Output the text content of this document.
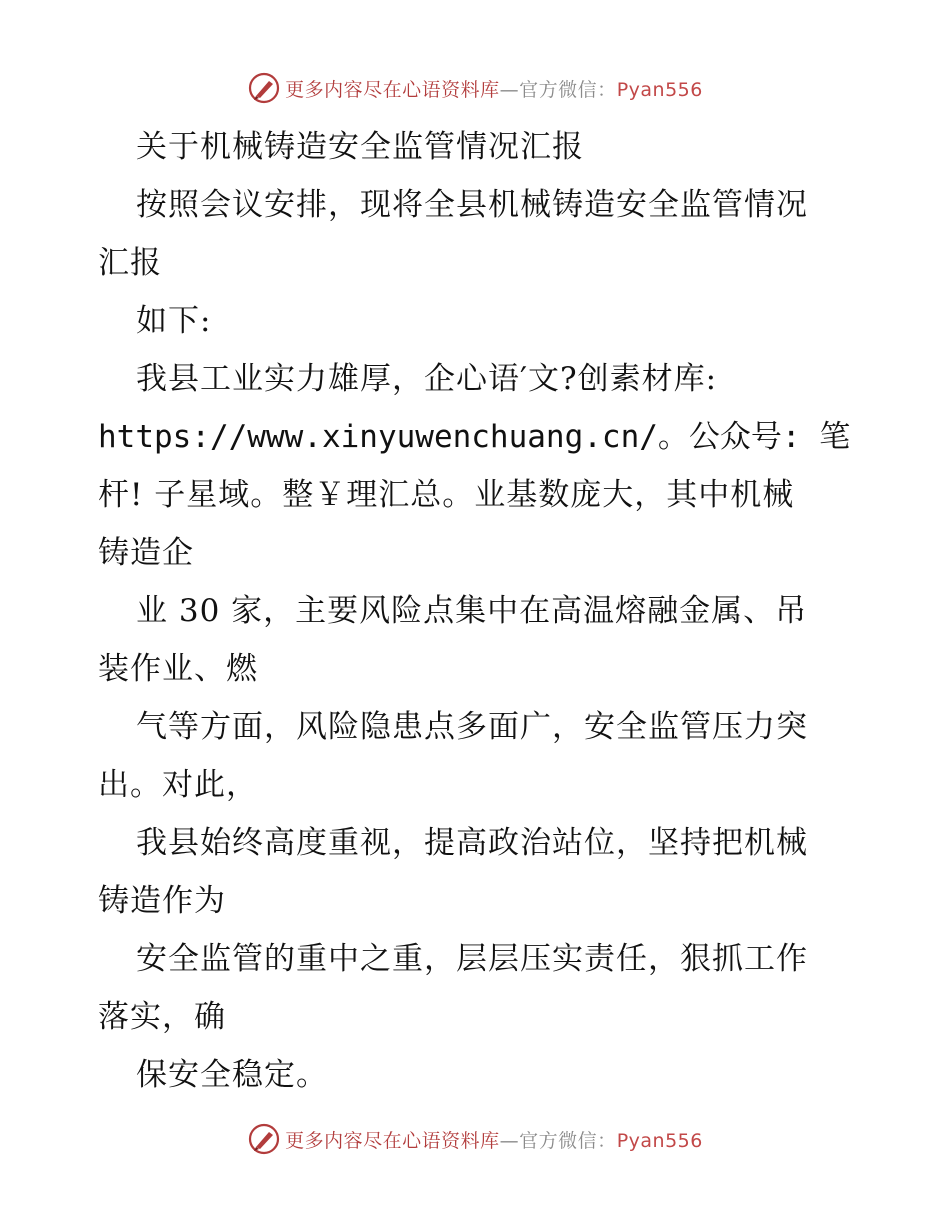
更多内容尽在心语资料库—官方微信：Pyan556
关于机械铸造安全监管情况汇报
按照会议安排，现将全县机械铸造安全监管情况
汇报
如下:
我县工业实力雄厚，企心语′文?创素材库:
https://www.xinyuwenchuang.cn/。公众号: 笔
杆! 子星域。整￥理汇总。业基数庞大，其中机械
铸造企
业 30 家，主要风险点集中在高温熔融金属、吊
装作业、燃
气等方面，风险隐患点多面广，安全监管压力突
出。对此，
我县始终高度重视，提高政治站位，坚持把机械
铸造作为
安全监管的重中之重，层层压实责任，狠抓工作
落实，确
保安全稳定。
更多内容尽在心语资料库—官方微信：Pyan556
